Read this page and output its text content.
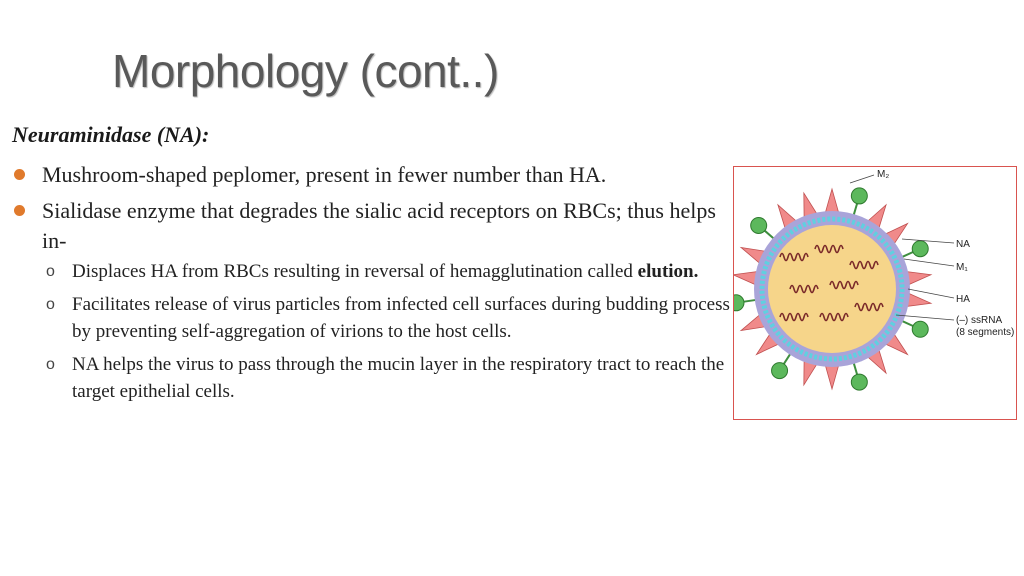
Morphology (cont..)
Neuraminidase (NA):
Mushroom-shaped peplomer, present in fewer number than HA.
Sialidase enzyme that degrades the sialic acid receptors on RBCs; thus helps in-
o Displaces HA from RBCs resulting in reversal of hemagglutination called elution.
o Facilitates release of virus particles from infected cell surfaces during budding process by preventing self-aggregation of virions to the host cells.
o NA helps the virus to pass through the mucin layer in the respiratory tract to reach the target epithelial cells.
M₂
NA
M₁
HA
(–) ssRNA
(8 segments)
